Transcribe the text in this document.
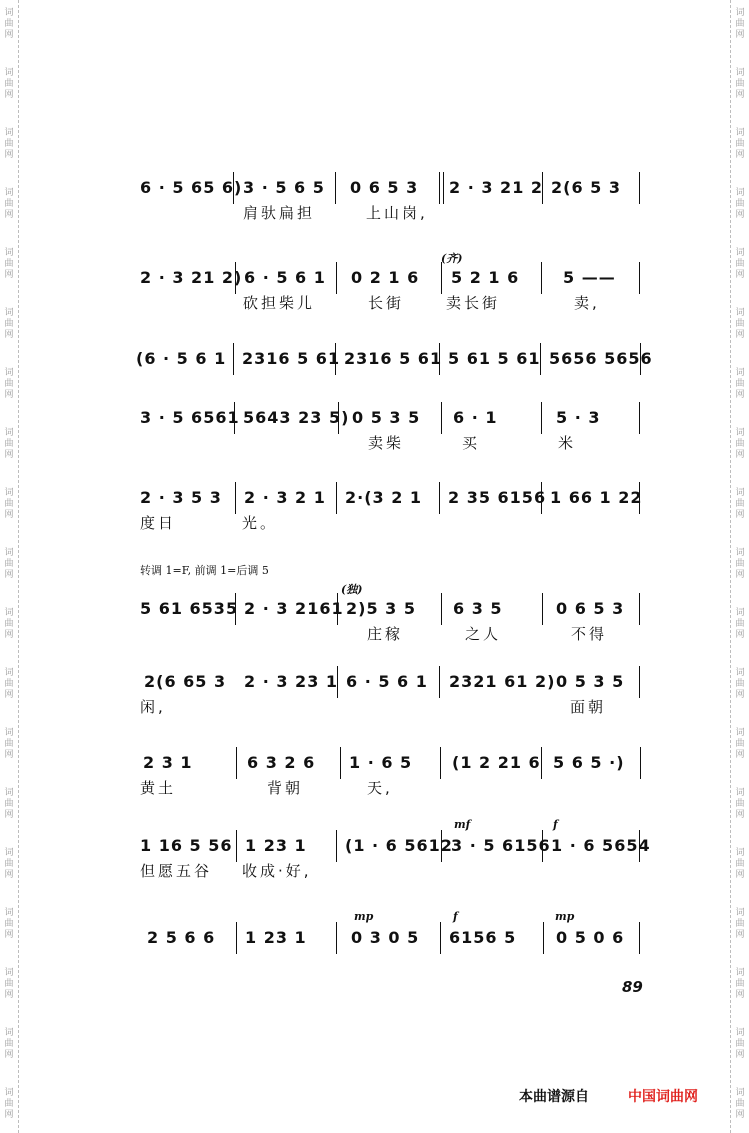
词
曲
网
词
曲
网
词
曲
网
词
曲
网
词
曲
网
词
曲
网
词
曲
网
词
曲
网
词
曲
网
词
曲
网
词
曲
网
词
曲
网
词
曲
网
词
曲
网
词
曲
网
词
曲
网
词
曲
网
词
曲
网
词
曲
网
词
曲
网
词
曲
网
词
曲
网
词
曲
网
词
曲
网
词
曲
网
词
曲
网
词
曲
网
词
曲
网
词
曲
网
词
曲
网
词
曲
网
词
曲
网
词
曲
网
词
曲
网
词
曲
网
词
曲
网
词
曲
网
词
曲
网
6 · 5 65 6) 3 · 5 6 5 0 6 5 3 2 · 3 21 2 2(6 5 3
肩驮扁担	上山岗,
(齐)
2 · 3 21 2) 6 · 5 6 1 0 2 1 6 5 2 1 6	5 ——
砍担柴儿	长街	卖长街	卖,
(6 · 5 6 1 2316 5 61 2316 5 61 5 61 5 61 5656 5656
3 · 5 6561 5643 23 5) 0 5 3 5 6 · 1	5 · 3
卖柴	买	米
2 · 3 5 3 2 · 3 2 1 2·(3 2 1 2 35 6156 1 66 1 22
度日	光。
(独)
5 61 6535 2 · 3 2161 2)5 3 5 6 3 5	0 6 5 3
庄稼	之人	不得
2(6 65 3 2 · 3 23 1 6 · 5 6 1 2321 61 2) 0 5 3 5
闲,	面朝
2 3 1	6 3 2 6 1 · 6 5 (1 2 21 6 5 6 5 ·)
黄土	背朝	天,
mf	f
1 16 5 56 1 23 1 (1 · 6 5612
3 · 5 6156 1 · 6 5654
但愿五谷 收成·好,
mp	f	mp
2 5 6 6 1 23 1	0 3 0 5 6156 5 0 5 0 6
转调 1=F, 前调 1=后调 5
89
本曲谱源自	中国词曲网
